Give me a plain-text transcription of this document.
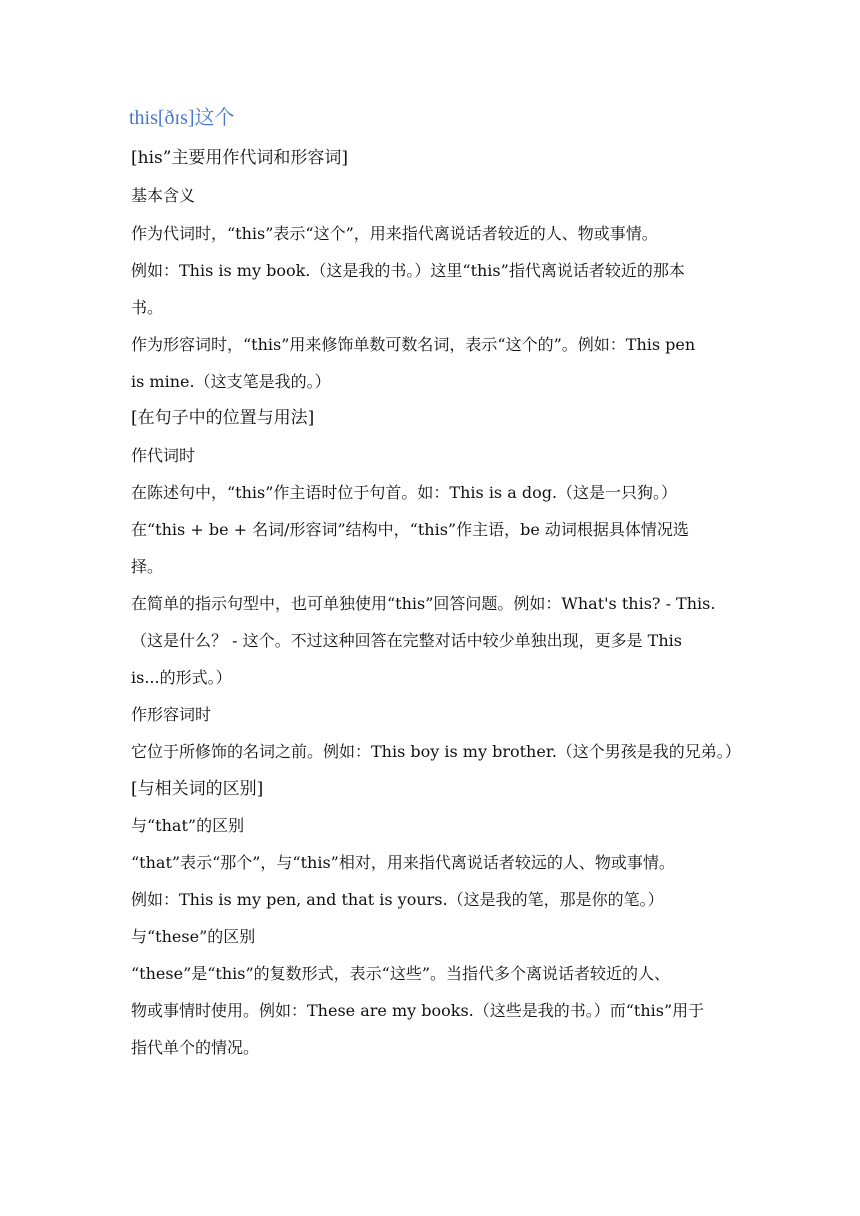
this[ðɪs]这个
[his”主要用作代词和形容词]
基本含义
作为代词时，“this”表示“这个”，用来指代离说话者较近的人、物或事情。
例如：This is my book.（这是我的书。）这里“this”指代离说话者较近的那本
书。
作为形容词时，“this”用来修饰单数可数名词，表示“这个的”。例如：This pen
is mine.（这支笔是我的。）
[在句子中的位置与用法]
作代词时
在陈述句中，“this”作主语时位于句首。如：This is a dog.（这是一只狗。）
在“this + be + 名词/形容词”结构中，“this”作主语，be 动词根据具体情况选
择。
在简单的指示句型中，也可单独使用“this”回答问题。例如：What's this? - This.
（这是什么？ - 这个。不过这种回答在完整对话中较少单独出现，更多是 This
is...的形式。）
作形容词时
它位于所修饰的名词之前。例如：This boy is my brother.（这个男孩是我的兄弟。）
[与相关词的区别]
与“that”的区别
“that”表示“那个”，与“this”相对，用来指代离说话者较远的人、物或事情。
例如：This is my pen, and that is yours.（这是我的笔，那是你的笔。）
与“these”的区别
“these”是“this”的复数形式，表示“这些”。当指代多个离说话者较近的人、
物或事情时使用。例如：These are my books.（这些是我的书。）而“this”用于
指代单个的情况。
